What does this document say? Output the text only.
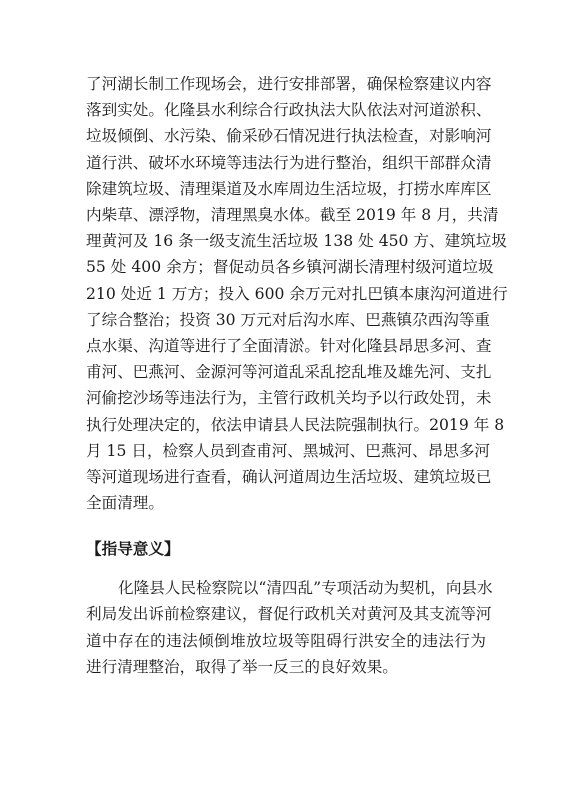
了河湖长制工作现场会，进行安排部署，确保检察建议内容
落到实处。化隆县水利综合行政执法大队依法对河道淤积、
垃圾倾倒、水污染、偷采砂石情况进行执法检查，对影响河
道行洪、破坏水环境等违法行为进行整治，组织干部群众清
除建筑垃圾、清理渠道及水库周边生活垃圾，打捞水库库区
内柴草、漂浮物，清理黑臭水体。截至 2019 年 8 月，共清
理黄河及 16 条一级支流生活垃圾 138 处 450 方、建筑垃圾
55 处 400 余方；督促动员各乡镇河湖长清理村级河道垃圾
210 处近 1 万方；投入 600 余万元对扎巴镇本康沟河道进行
了综合整治；投资 30 万元对后沟水库、巴燕镇尕西沟等重
点水渠、沟道等进行了全面清淤。针对化隆县昂思多河、查
甫河、巴燕河、金源河等河道乱采乱挖乱堆及雄先河、支扎
河偷挖沙场等违法行为，主管行政机关均予以行政处罚，未
执行处理决定的，依法申请县人民法院强制执行。2019 年 8
月 15 日，检察人员到查甫河、黑城河、巴燕河、昂思多河
等河道现场进行查看，确认河道周边生活垃圾、建筑垃圾已
全面清理。
【指导意义】
化隆县人民检察院以“清四乱”专项活动为契机，向县水
利局发出诉前检察建议，督促行政机关对黄河及其支流等河
道中存在的违法倾倒堆放垃圾等阻碍行洪安全的违法行为
进行清理整治，取得了举一反三的良好效果。
